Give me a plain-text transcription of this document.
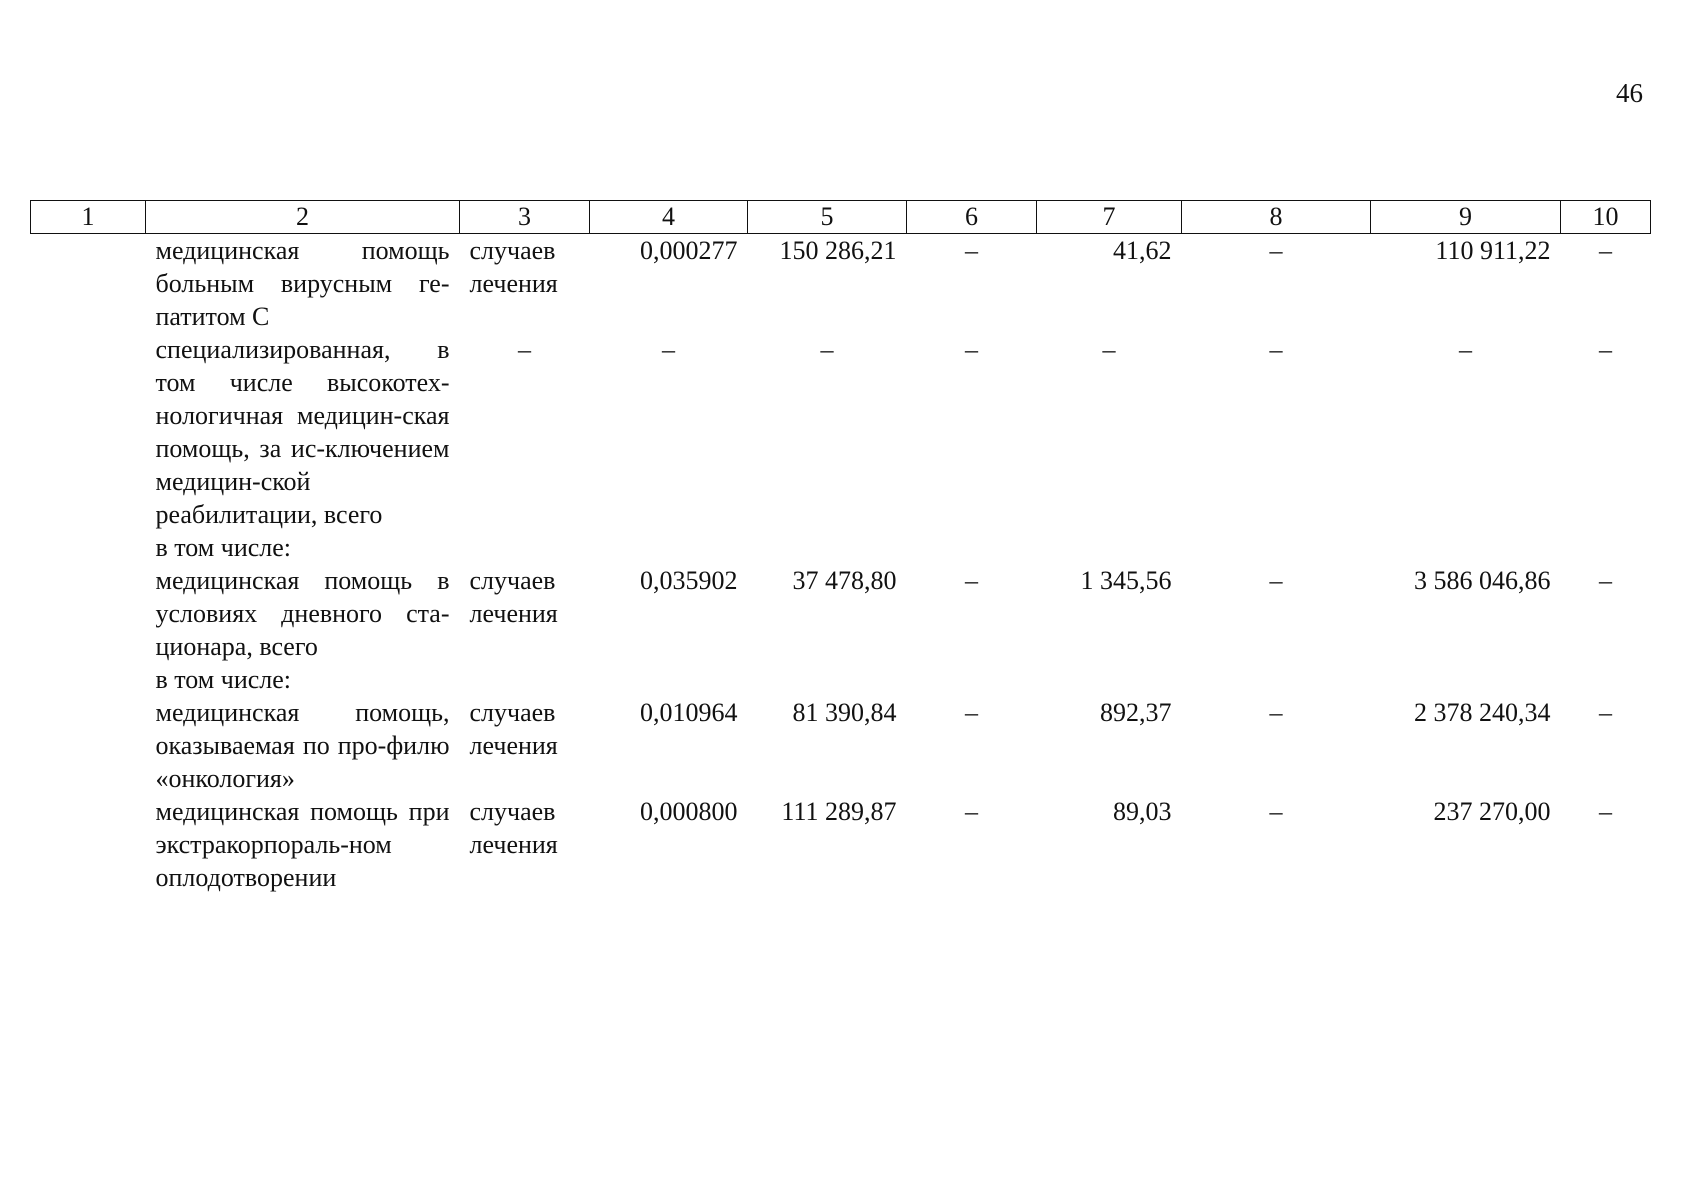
46
1	2	3	4	5	6	7	8	9	10
	медицинская помощь больным вирусным ге-патитом С	случаев лечения	0,000277	150 286,21	–	41,62	–	110 911,22	–
	специализированная, в том числе высокотех-нологичная медицин-ская помощь, за ис-ключением медицин-ской реабилитации, всего	–	–	–	–	–	–	–	–
	в том числе:								
	медицинская помощь в условиях дневного ста-ционара, всего	случаев лечения	0,035902	37 478,80	–	1 345,56	–	3 586 046,86	–
	в том числе:								
	медицинская помощь, оказываемая по про-филю «онкология»	случаев лечения	0,010964	81 390,84	–	892,37	–	2 378 240,34	–
	медицинская помощь при экстракорпораль-ном оплодотворении	случаев лечения	0,000800	111 289,87	–	89,03	–	237 270,00	–
